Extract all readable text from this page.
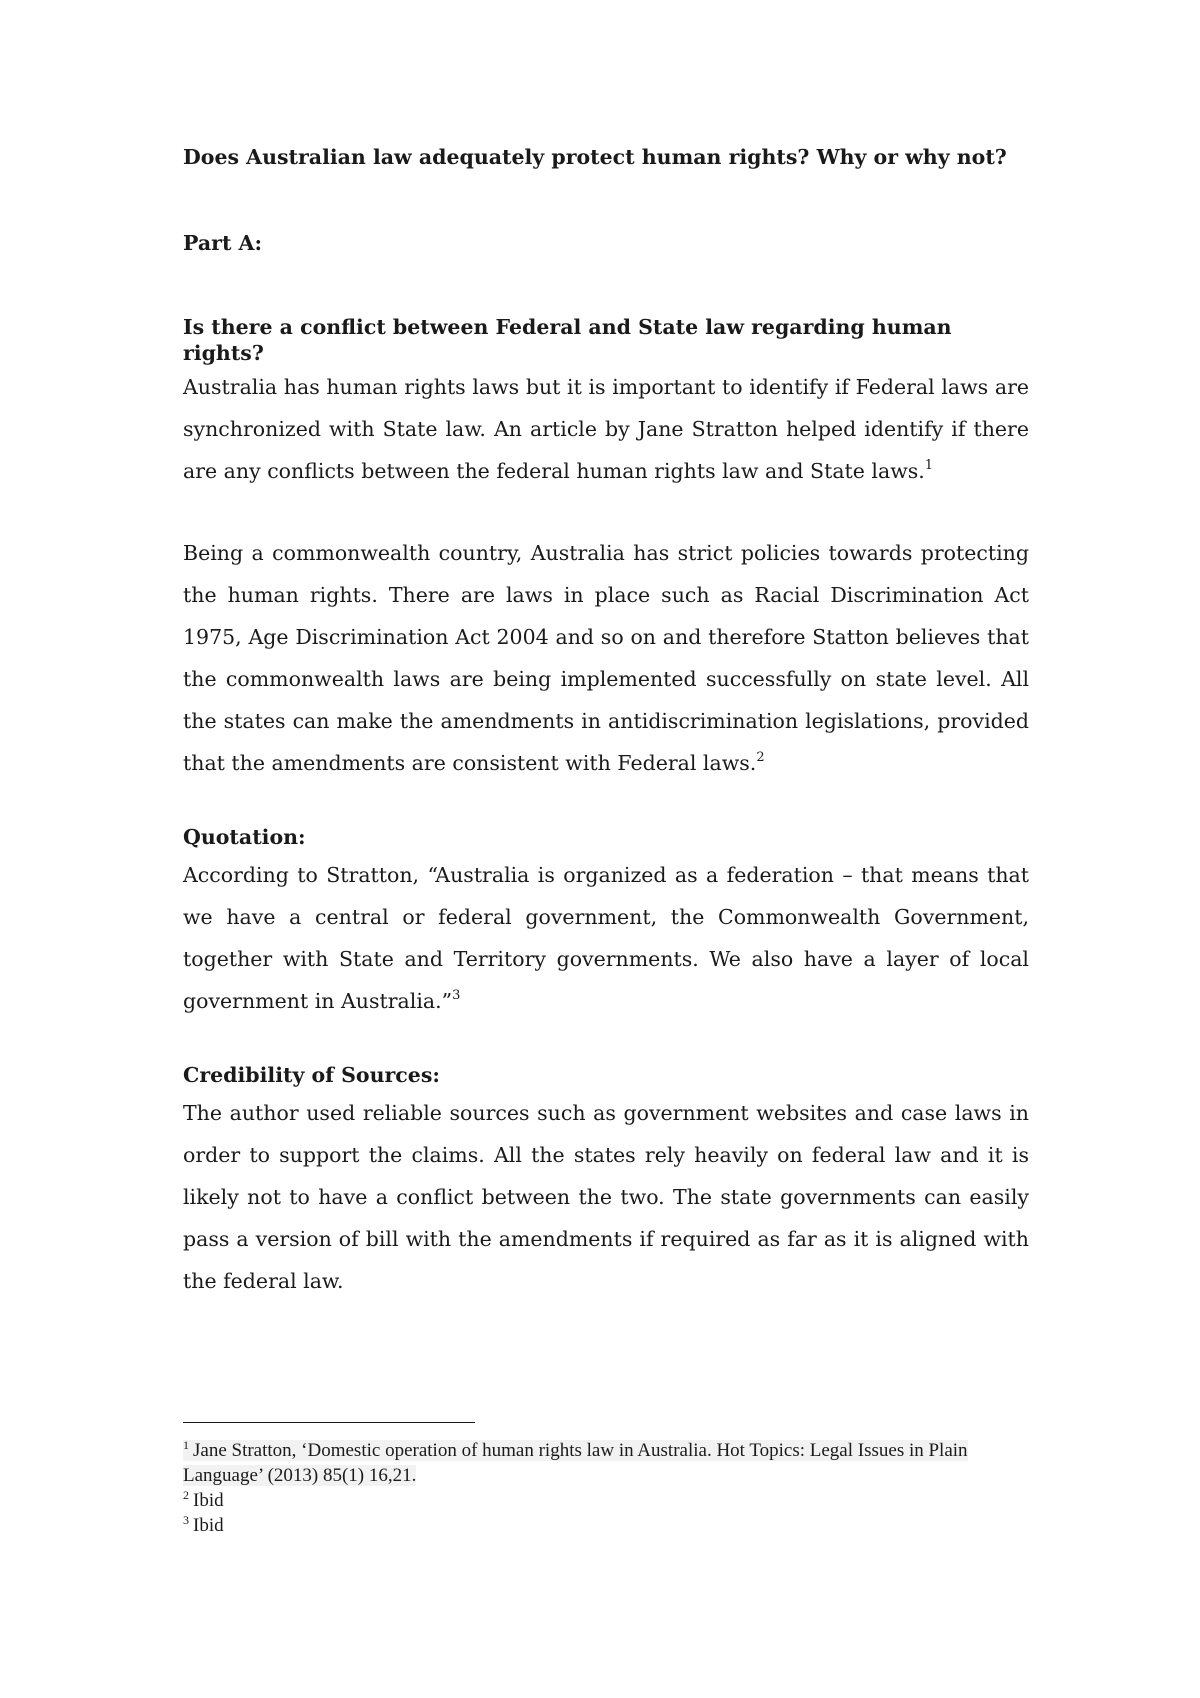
Does Australian law adequately protect human rights? Why or why not?

Part A:

Is there a conflict between Federal and State law regarding human rights?

Australia has human rights laws but it is important to identify if Federal laws are synchronized with State law. An article by Jane Stratton helped identify if there are any conflicts between the federal human rights law and State laws.$^1$

Being a commonwealth country, Australia has strict policies towards protecting the human rights. There are laws in place such as Racial Discrimination Act 1975, Age Discrimination Act 2004 and so on and therefore Statton believes that the commonwealth laws are being implemented successfully on state level. All the states can make the amendments in antidiscrimination legislations, provided that the amendments are consistent with Federal laws.$^2$

Quotation:

According to Stratton, “Australia is organized as a federation – that means that we have a central or federal government, the Commonwealth Government, together with State and Territory governments. We also have a layer of local government in Australia.”$^3$

Credibility of Sources:

The author used reliable sources such as government websites and case laws in order to support the claims. All the states rely heavily on federal law and it is likely not to have a conflict between the two. The state governments can easily pass a version of bill with the amendments if required as far as it is aligned with the federal law.

$^1$ Jane Stratton, ‘Domestic operation of human rights law in Australia. Hot Topics: Legal Issues in Plain Language’ (2013) 85(1) 16,21.

$^2$ Ibid

$^3$ Ibid
